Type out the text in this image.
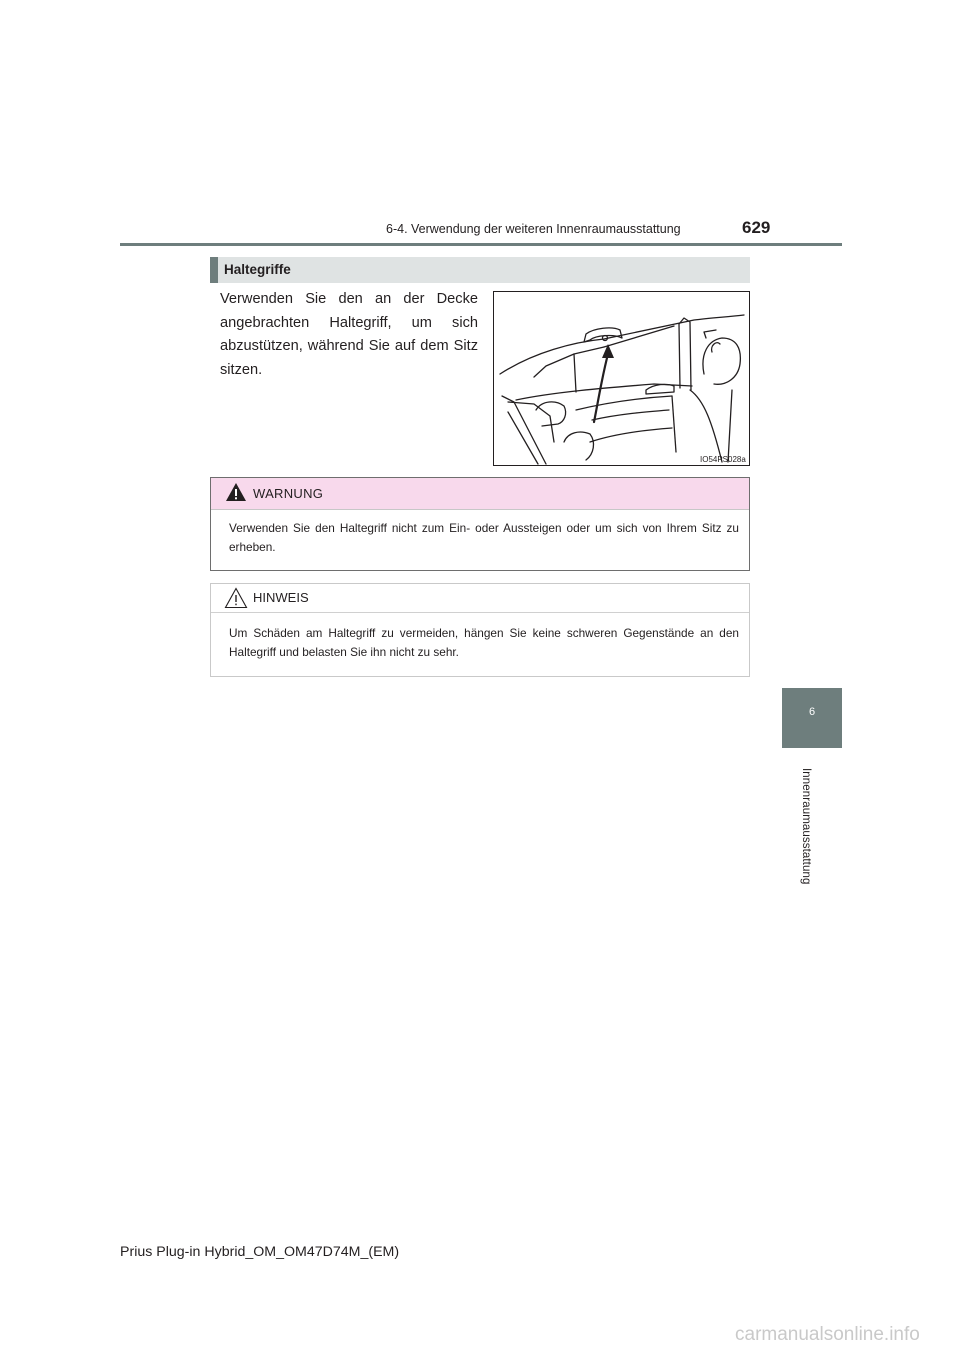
6-4. Verwendung der weiteren Innenraumausstattung	629
6
Innenraumausstattung
Haltegriffe
Verwenden Sie den an der Decke angebrachten Haltegriff, um sich abzustützen, während Sie auf dem Sitz sitzen.
IO54PS028a
WARNUNG
Verwenden Sie den Haltegriff nicht zum Ein- oder Aussteigen oder um sich von Ihrem Sitz zu erheben.
HINWEIS
Um Schäden am Haltegriff zu vermeiden, hängen Sie keine schweren Gegenstände an den Haltegriff und belasten Sie ihn nicht zu sehr.
Prius Plug-in Hybrid_OM_OM47D74M_(EM)
carmanualsonline.info
